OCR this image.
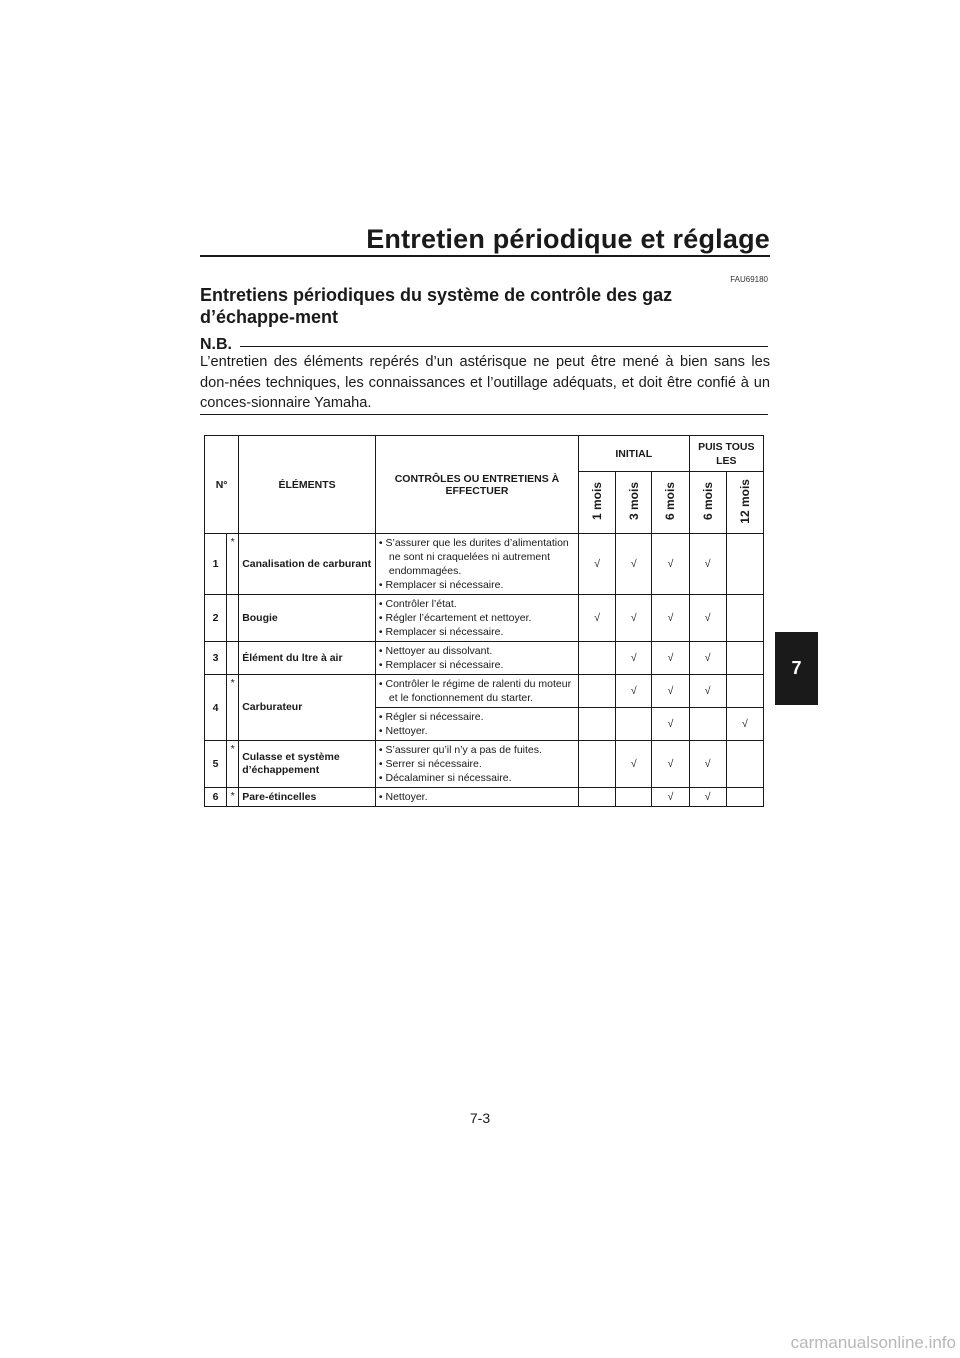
Entretien périodique et réglage
FAU69180
Entretiens périodiques du système de contrôle des gaz d’échappe-ment
N.B.
L’entretien des éléments repérés d’un astérisque ne peut être mené à bien sans les don-nées techniques, les connaissances et l’outillage adéquats, et doit être confié à un conces-sionnaire Yamaha.
N°		ÉLÉMENTS	CONTRÔLES OU ENTRETIENS À EFFECTUER	INITIAL			PUIS TOUS LES	
				1 mois	3 mois	6 mois	6 mois	12 mois
1	*	Canalisation de carburant	• S’assurer que les durites d’alimentation ne sont ni craquelées ni autrement endommagées.
• Remplacer si nécessaire.	√	√	√	√	
2		Bougie	• Contrôler l’état.
• Régler l’écartement et nettoyer.
• Remplacer si nécessaire.	√	√	√	√	
3		Élément du ltre à air	• Nettoyer au dissolvant.
• Remplacer si nécessaire.		√	√	√	
4	*	Carburateur	• Contrôler le régime de ralenti du moteur et le fonctionnement du starter.		√	√	√	

			• Régler si nécessaire.
• Nettoyer.			√		√
5	*	Culasse et système d’échappement	• S’assurer qu’il n’y a pas de fuites.
• Serrer si nécessaire.
• Décalaminer si nécessaire.		√	√	√	
6	*	Pare-étincelles	• Nettoyer.			√	√	
7
7-3
carmanualsonline.info
